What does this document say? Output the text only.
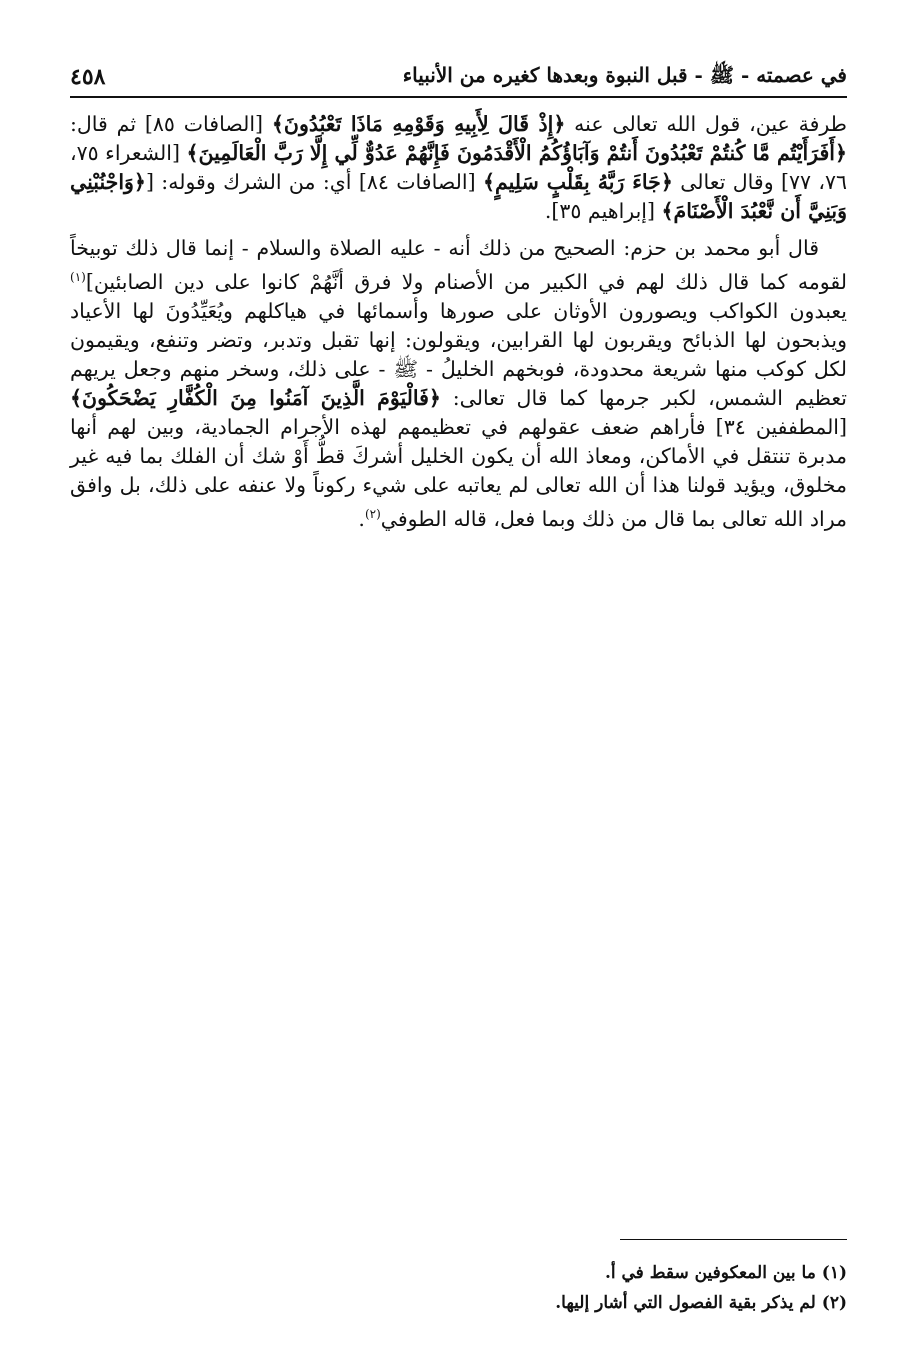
٤٥٨	في عصمته - ﷺ - قبل النبوة وبعدها كغيره من الأنبياء

طرفة عين، قول الله تعالى عنه ﴿إِذْ قَالَ لِأَبِيهِ وَقَوْمِهِ مَاذَا تَعْبُدُونَ﴾ [الصافات ٨٥] ثم قال: ﴿أَفَرَأَيْتُم مَّا كُنتُمْ تَعْبُدُونَ أَنتُمْ وَآبَاؤُكُمُ الْأَقْدَمُونَ فَإِنَّهُمْ عَدُوٌّ لِّي إِلَّا رَبَّ الْعَالَمِينَ﴾ [الشعراء ٧٥، ٧٦، ٧٧] وقال تعالى ﴿جَاءَ رَبَّهُ بِقَلْبٍ سَلِيمٍ﴾ [الصافات ٨٤] أي: من الشرك وقوله: [﴿وَاجْنُبْنِي وَبَنِيَّ أَن نَّعْبُدَ الْأَصْنَامَ﴾ [إبراهيم ٣٥].

قال أبو محمد بن حزم: الصحيح من ذلك أنه - عليه الصلاة والسلام - إنما قال ذلك توبيخاً لقومه كما قال ذلك لهم في الكبير من الأصنام ولا فرق أنَّهُمْ كانوا على دين الصابئين]$^{(١)}$ يعبدون الكواكب ويصورون الأوثان على صورها وأسمائها في هياكلهم ويُعَيِّدُونَ لها الأعياد ويذبحون لها الذبائح ويقربون لها القرابين، ويقولون: إنها تقبل وتدبر، وتضر وتنفع، ويقيمون لكل كوكب منها شريعة محدودة، فوبخهم الخليلُ - ﷺ - على ذلك، وسخر منهم وجعل يريهم تعظيم الشمس، لكبر جرمها كما قال تعالى: ﴿فَالْيَوْمَ الَّذِينَ آمَنُوا مِنَ الْكُفَّارِ يَضْحَكُونَ﴾ [المطففين ٣٤] فأراهم ضعف عقولهم في تعظيمهم لهذه الأجرام الجمادية، وبين لهم أنها مدبرة تنتقل في الأماكن، ومعاذ الله أن يكون الخليل أشركَ قطُّ أَوْ شك أن الفلك بما فيه غير مخلوق، ويؤيد قولنا هذا أن الله تعالى لم يعاتبه على شيء ركوناً ولا عنفه على ذلك، بل وافق مراد الله تعالى بما قال من ذلك وبما فعل، قاله الطوفي$^{(٢)}$.

(١) ما بين المعكوفين سقط في أ.
(٢) لم يذكر بقية الفصول التي أشار إليها.
